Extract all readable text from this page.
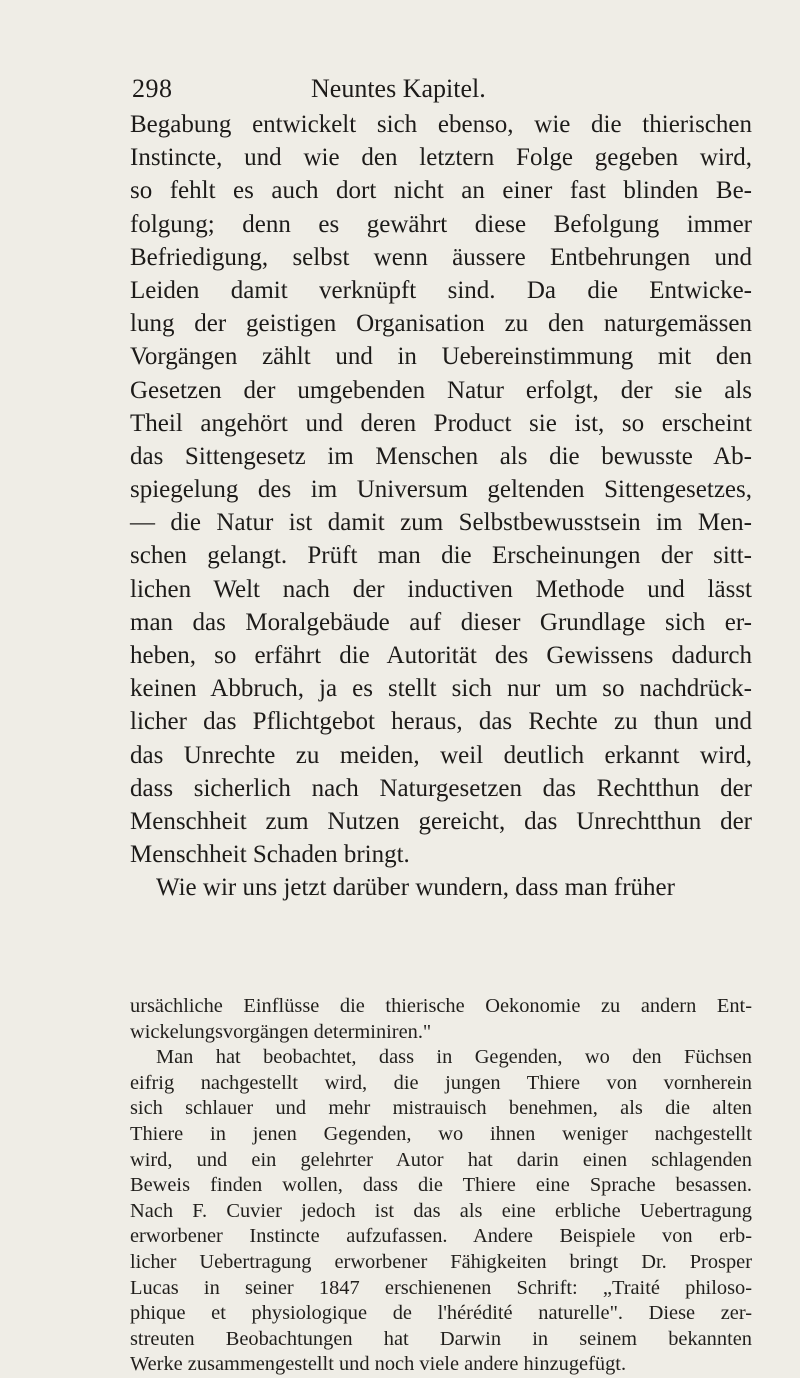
298	Neuntes Kapitel.
Begabung entwickelt sich ebenso, wie die thierischen
Instincte, und wie den letztern Folge gegeben wird,
so fehlt es auch dort nicht an einer fast blinden Be-
folgung; denn es gewährt diese Befolgung immer
Befriedigung, selbst wenn äussere Entbehrungen und
Leiden damit verknüpft sind. Da die Entwicke-
lung der geistigen Organisation zu den naturgemässen
Vorgängen zählt und in Uebereinstimmung mit den
Gesetzen der umgebenden Natur erfolgt, der sie als
Theil angehört und deren Product sie ist, so erscheint
das Sittengesetz im Menschen als die bewusste Ab-
spiegelung des im Universum geltenden Sittengesetzes,
— die Natur ist damit zum Selbstbewusstsein im Men-
schen gelangt. Prüft man die Erscheinungen der sitt-
lichen Welt nach der inductiven Methode und lässt
man das Moralgebäude auf dieser Grundlage sich er-
heben, so erfährt die Autorität des Gewissens dadurch
keinen Abbruch, ja es stellt sich nur um so nachdrück-
licher das Pflichtgebot heraus, das Rechte zu thun und
das Unrechte zu meiden, weil deutlich erkannt wird,
dass sicherlich nach Naturgesetzen das Rechtthun der
Menschheit zum Nutzen gereicht, das Unrechtthun der
Menschheit Schaden bringt.
Wie wir uns jetzt darüber wundern, dass man früher
ursächliche Einflüsse die thierische Oekonomie zu andern Ent-
wickelungsvorgängen determiniren."
Man hat beobachtet, dass in Gegenden, wo den Füchsen
eifrig nachgestellt wird, die jungen Thiere von vornherein
sich schlauer und mehr mistrauisch benehmen, als die alten
Thiere in jenen Gegenden, wo ihnen weniger nachgestellt
wird, und ein gelehrter Autor hat darin einen schlagenden
Beweis finden wollen, dass die Thiere eine Sprache besassen.
Nach F. Cuvier jedoch ist das als eine erbliche Uebertragung
erworbener Instincte aufzufassen. Andere Beispiele von erb-
licher Uebertragung erworbener Fähigkeiten bringt Dr. Prosper
Lucas in seiner 1847 erschienenen Schrift: „Traité philoso-
phique et physiologique de l'hérédité naturelle". Diese zer-
streuten Beobachtungen hat Darwin in seinem bekannten
Werke zusammengestellt und noch viele andere hinzugefügt.
